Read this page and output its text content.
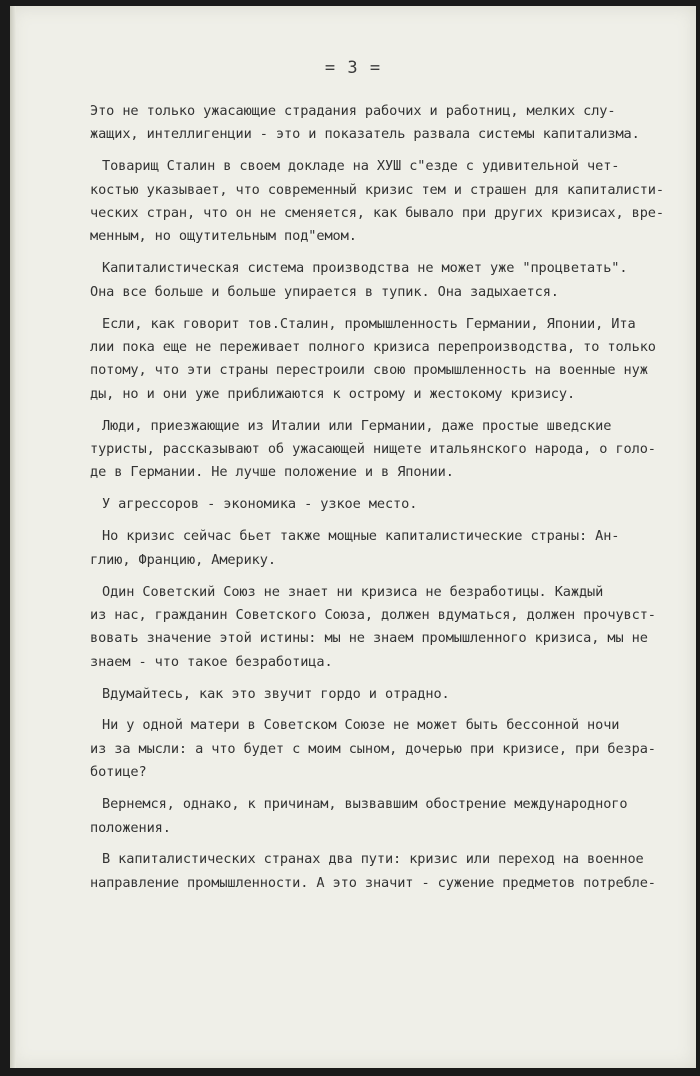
= 3 =
Это не только ужасающие страдания рабочих и работниц, мелких слу-
жащих, интеллигенции - это и показатель развала системы капитализма.
Товарищ Сталин в своем докладе на ХУШ с"езде с удивительной чет-
костью указывает, что современный кризис тем и страшен для капиталисти-
ческих стран, что он не сменяется, как бывало при других кризисах, вре-
менным, но ощутительным под"емом.
Капиталистическая система производства не может уже "процветать".
Она все больше и больше упирается в тупик. Она задыхается.
Если, как говорит тов.Сталин, промышленность Германии, Японии, Ита
лии пока еще не переживает полного кризиса перепроизводства, то только
потому, что эти страны перестроили свою промышленность на военные нуж
ды, но и они уже приближаются к острому и жестокому кризису.
Люди, приезжающие из Италии или Германии, даже простые шведские
туристы, рассказывают об ужасающей нищете итальянского народа, о голо-
де в Германии. Не лучше положение и в Японии.
У агрессоров - экономика - узкое место.
Но кризис сейчас бьет также мощные капиталистические страны: Ан-
глию, Францию, Америку.
Один Советский Союз не знает ни кризиса не безработицы. Каждый
из нас, гражданин Советского Союза, должен вдуматься, должен прочувст-
вовать значение этой истины: мы не знаем промышленного кризиса, мы не
знаем - что такое безработица.
Вдумайтесь, как это звучит гордо и отрадно.
Ни у одной матери в Советском Союзе не может быть бессонной ночи
из за мысли: а что будет с моим сыном, дочерью при кризисе, при безра-
ботице?
Вернемся, однако, к причинам, вызвавшим обострение международного
положения.
В капиталистических странах два пути: кризис или переход на военное
направление промышленности. А это значит - сужение предметов потребле-
